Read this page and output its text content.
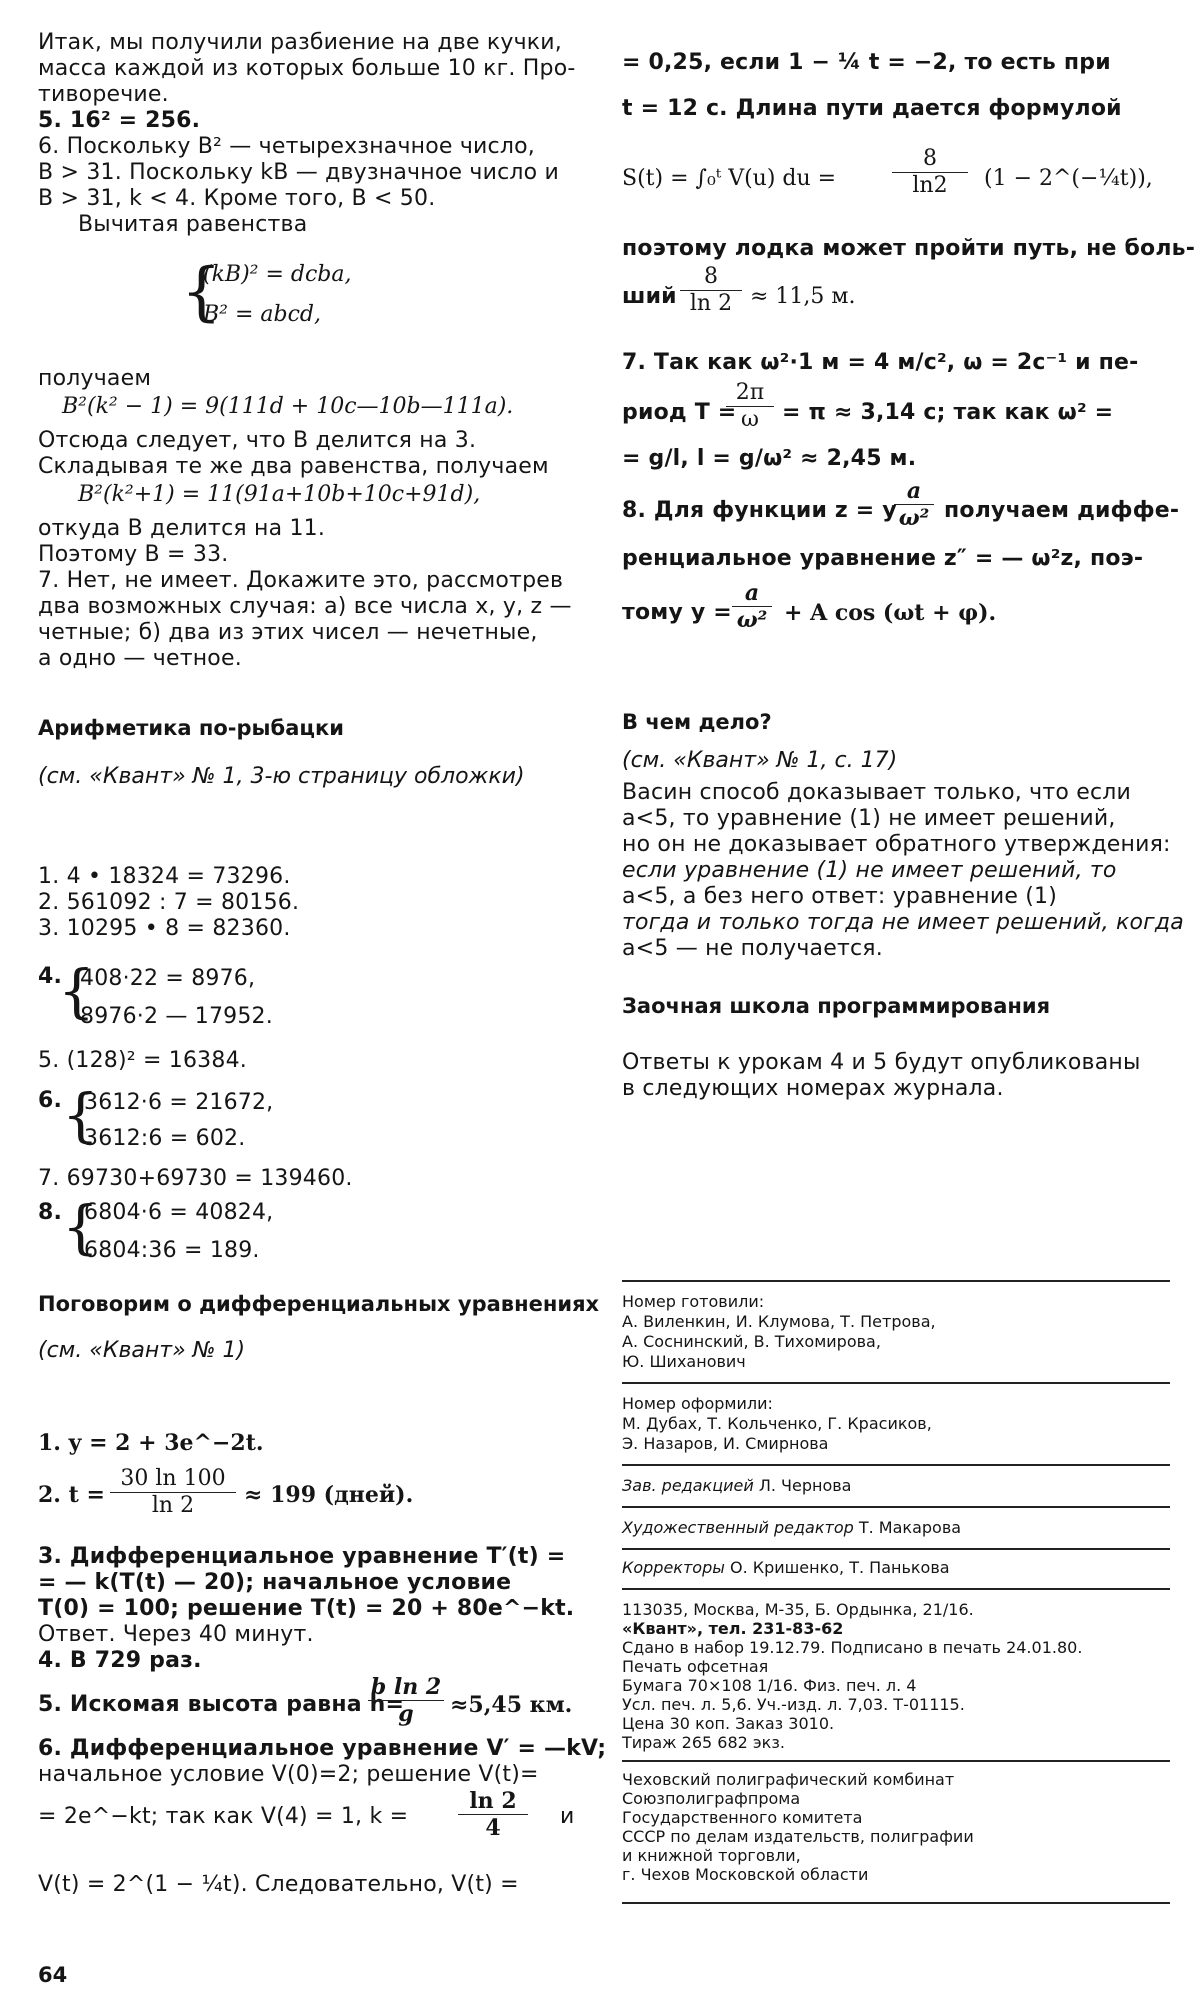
Итак, мы получили разбиение на две кучки,

масса каждой из которых больше 10 кг. Про-

тиворечие.

5. 16² = 256.

6. Поскольку B² — четырехзначное число,

B > 31. Поскольку kB — двузначное число и

B > 31, k < 4. Кроме того, B < 50.

Вычитая равенства

{
(kB)² = dcba,
B² = abcd,

получаем

B²(k² − 1) = 9(111d + 10c—10b—111a).

Отсюда следует, что B делится на 3.

Складывая те же два равенства, получаем

B²(k²+1) = 11(91a+10b+10c+91d),

откуда B делится на 11.

Поэтому B = 33.

7. Нет, не имеет. Докажите это, рассмотрев

два возможных случая: а) все числа x, y, z —

четные; б) два из этих чисел — нечетные,

а одно — четное.

Арифметика по-рыбацки

(см. «Квант» № 1, 3-ю страницу обложки)

1. 4 • 18324 = 73296.

2. 561092 : 7 = 80156.

3. 10295 • 8 = 82360.

4.

{

408·22 = 8976,

8976·2 — 17952.

5. (128)² = 16384.

6. {

3612·6 = 21672,

3612:6 = 602.

7. 69730+69730 = 139460.

8. {

6804·6 = 40824,

6804:36 = 189.

Поговорим о дифференциальных уравнениях

(см. «Квант» № 1)

1. y = 2 + 3e^−2t.

2. t =
30 ln 100
ln 2	≈ 199 (дней).

3. Дифференциальное уравнение T′(t) =

= — k(T(t) — 20); начальное условие

T(0) = 100; решение T(t) = 20 + 80e^−kt.

Ответ. Через 40 минут.

4. В 729 раз.

5. Искомая высота равна h=
b ln 2
g	≈5,45 км.

6. Дифференциальное уравнение V′ = —kV;

начальное условие V(0)=2; решение V(t)=

= 2e^−kt; так как V(4) = 1, k =

ln 2
4	и

V(t) = 2^(1 − ¼t). Следовательно, V(t) =

= 0,25, если 1 − ¼ t = −2, то есть при

t = 12 с. Длина пути дается формулой

S(t) = ∫₀ᵗ V(u) du =
8
ln2	(1 − 2^(−¼t)),

поэтому лодка может пройти путь, не боль-

ший
8
ln 2 ≈ 11,5 м.

7. Так как ω²·1 м = 4 м/с², ω = 2c⁻¹ и пе-

риод T =
2π
ω	= π ≈ 3,14 с; так как ω² =

= g/l, l = g/ω² ≈ 2,45 м.

8. Для функции z = y
a
ω² получаем диффе-

ренциальное уравнение z″ = — ω²z, поэ-

тому y =
a
ω² + A cos (ωt + φ).

В чем дело?

(см. «Квант» № 1, с. 17)

Васин способ доказывает только, что если

a<5, то уравнение (1) не имеет решений,

но он не доказывает обратного утверждения:

если уравнение (1) не имеет решений, то

a<5, а без него ответ: уравнение (1)

тогда и только тогда не имеет решений, когда

a<5 — не получается.

Заочная школа программирования

Ответы к урокам 4 и 5 будут опубликованы

в следующих номерах журнала.

Номер готовили:

А. Виленкин, И. Клумова, Т. Петрова,

А. Соснинский, В. Тихомирова,

Ю. Шиханович

Номер оформили:

М. Дубах, Т. Кольченко, Г. Красиков,

Э. Назаров, И. Смирнова

Зав. редакцией Л. Чернова

Художественный редактор Т. Макарова

Корректоры О. Кришенко, Т. Панькова

113035, Москва, М-35, Б. Ордынка, 21/16.

«Квант», тел. 231-83-62

Сдано в набор 19.12.79. Подписано в печать 24.01.80.

Печать офсетная

Бумага 70×108 1/16. Физ. печ. л. 4

Усл. печ. л. 5,6. Уч.-изд. л. 7,03. Т-01115.

Цена 30 коп. Заказ 3010.

Тираж 265 682 экз.

Чеховский полиграфический комбинат

Союзполиграфпрома

Государственного комитета

СССР по делам издательств, полиграфии

и книжной торговли,

г. Чехов Московской области

64
